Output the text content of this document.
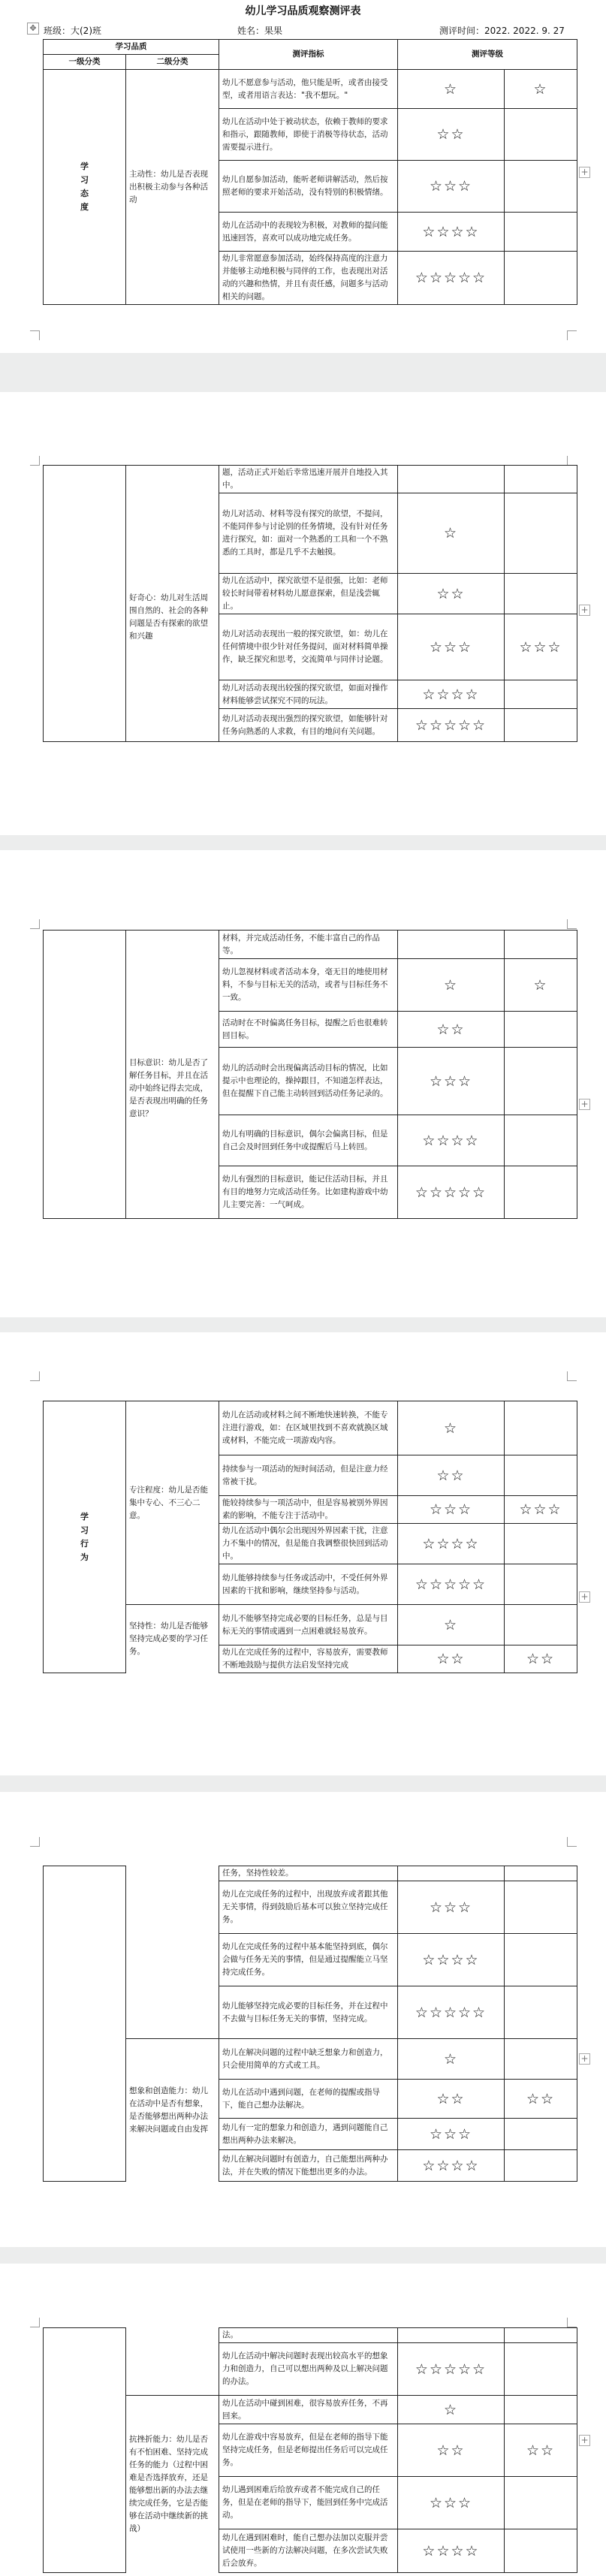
幼儿学习品质观察测评表
✥ 班级：大(2)班	姓名：果果	测评时间：2022. 2022. 9. 27
学习品质		测评指标	测评等级	
一级分类	二级分类			
学
习
态
度	主动性：幼儿是否表现出积极主动参与各种活动	幼儿不愿意参与活动，他只能是听，或者由接受型，或者用语言表达："我不想玩。"	☆	☆
		幼儿在活动中处于被动状态，依赖于教师的要求和指示，跟随教师，即使于消极等待状态，活动需要提示进行。	☆☆	
		幼儿自愿参加活动，能听老师讲解活动，然后按照老师的要求开始活动，没有特别的积极情绪。	☆☆☆	
		幼儿在活动中的表现较为积极，对教师的提问能迅速回答，喜欢可以成功地完成任务。	☆☆☆☆	
		幼儿非常愿意参加活动，始终保持高度的注意力并能够主动地积极与同伴的工作，也表现出对活动的兴趣和热情，并且有责任感，问题多与活动相关的问题。	☆☆☆☆☆	
+
		题，活动正式开始后幸常迅速开展并自地投入其中。		
	好奇心：幼儿对生活周围自然的、社会的各种问题是否有探索的欲望和兴趣	幼儿对活动、材料等没有探究的欲望，不提问，不能同伴参与讨论别的任务情境，没有针对任务进行探究，如：面对一个熟悉的工具和一个不熟悉的工具时，都是几乎不去触摸。	☆	
		幼儿在活动中，探究欲望不是很强，比如：老师较长时间带着材料幼儿愿意探索，但是浅尝辄止。	☆☆	
		幼儿对活动表现出一般的探究欲望，如：幼儿在任何情境中很少针对任务提问，面对材料简单操作，缺乏探究和思考，交流简单与同伴讨论题。	☆☆☆	☆☆☆
		幼儿对活动表现出较强的探究欲望，如面对操作材料能够尝试探究不同的玩法。	☆☆☆☆	
		幼儿对活动表现出强烈的探究欲望，如能够针对任务向熟悉的人求救，有目的地问有关问题。	☆☆☆☆☆	
+
		材料，并完成活动任务，不能丰富自己的作品等。		
	目标意识：幼儿是否了解任务目标，并且在活动中始终记得去完成，是否表现出明确的任务意识？	幼儿忽视材料或者活动本身，毫无目的地使用材料，不参与目标无关的活动，或者与目标任务不一致。	☆	☆
		活动时在不时偏离任务目标，提醒之后也很难转回目标。	☆☆	
		幼儿的活动时会出现偏离活动目标的情况，比如提示中也理论的，操掉跟目，不知道怎样表达，但在提醒下自己能主动转回到活动任务记录的。	☆☆☆	
		幼儿有明确的目标意识，偶尔会偏离目标，但是自己会及时回到任务中或提醒后马上转回。	☆☆☆☆	
		幼儿有强烈的目标意识，能记住活动目标，并且有目的地努力完成活动任务。比如建构游戏中幼儿主要完善：一气呵成。	☆☆☆☆☆	
+
学
习
行
为	专注程度：幼儿是否能集中专心、不三心二意。	幼儿在活动或材料之间不断地快速转换，不能专注进行游戏，如：在区域里找到不喜欢就换区域或材料，不能完成一项游戏内容。	☆	
		持续参与一项活动的短时间活动，但是注意力经常被干扰。	☆☆	
		能较持续参与一项活动中，但是容易被别外界因素的影响，不能专注于活动中。	☆☆☆	☆☆☆
		幼儿在活动中偶尔会出现因外界因素干扰，注意力不集中的情况，但是能自我调整很快回到活动中。	☆☆☆☆	
		幼儿能够持续参与任务或活动中，不受任何外界因素的干扰和影响，继续坚持参与活动。	☆☆☆☆☆	
	坚持性：幼儿是否能够坚持完成必要的学习任务。	幼儿不能够坚持完成必要的目标任务，总是与目标无关的事情或遇到一点困难就轻易放弃。	☆	
		幼儿在完成任务的过程中，容易放弃，需要教师不断地鼓励与提供方法启发坚持完成	☆☆	☆☆
+
		任务，坚持性较差。		
		幼儿在完成任务的过程中，出现放弃或者跟其他无关事情，得到鼓励后基本可以独立坚持完成任务。	☆☆☆	
		幼儿在完成任务的过程中基本能坚持到底，偶尔会做与任务无关的事情，但是通过提醒能立马坚持完成任务。	☆☆☆☆	
		幼儿能够坚持完成必要的目标任务，并在过程中不去做与目标任务无关的事情，坚持完成。	☆☆☆☆☆	
	想象和创造能力：幼儿在活动中是否有想象，是否能够想出两种办法来解决问题或自由发挥	幼儿在解决问题的过程中缺乏想象力和创造力，只会使用简单的方式或工具。	☆	
		幼儿在活动中遇到问题，在老师的提醒或指导下，能自己想办法解决。	☆☆	☆☆
		幼儿有一定的想象力和创造力，遇到问题能自己想出两种办法来解决。	☆☆☆	
		幼儿在解决问题时有创造力，自己能想出两种办法，并在失败的情况下能想出更多的办法。	☆☆☆☆	
+
		法。		
		幼儿在活动中解决问题时表现出较高水平的想象力和创造力，自己可以想出两种及以上解决问题的办法。	☆☆☆☆☆	
	抗挫折能力：幼儿是否有不怕困难、坚持完成任务的能力（过程中困难是否选择放弃，还是能够想出新的办法去继续完成任务，它是否能够在活动中继续新的挑战）	幼儿在活动中碰到困难，很容易放弃任务，不再回来。	☆	
		幼儿在游戏中容易放弃，但是在老师的指导下能坚持完成任务，但是老师提出任务后可以完成任务。	☆☆	☆☆
		幼儿遇到困难后给放弃或者不能完成自己的任务，但是在老师的指导下，能回到任务中完成活动。	☆☆☆	
		幼儿在遇到困难时，能自己想办法加以克服并尝试使用一些新的方法解决问题，在多次尝试失败后会放弃。	☆☆☆☆	
+
